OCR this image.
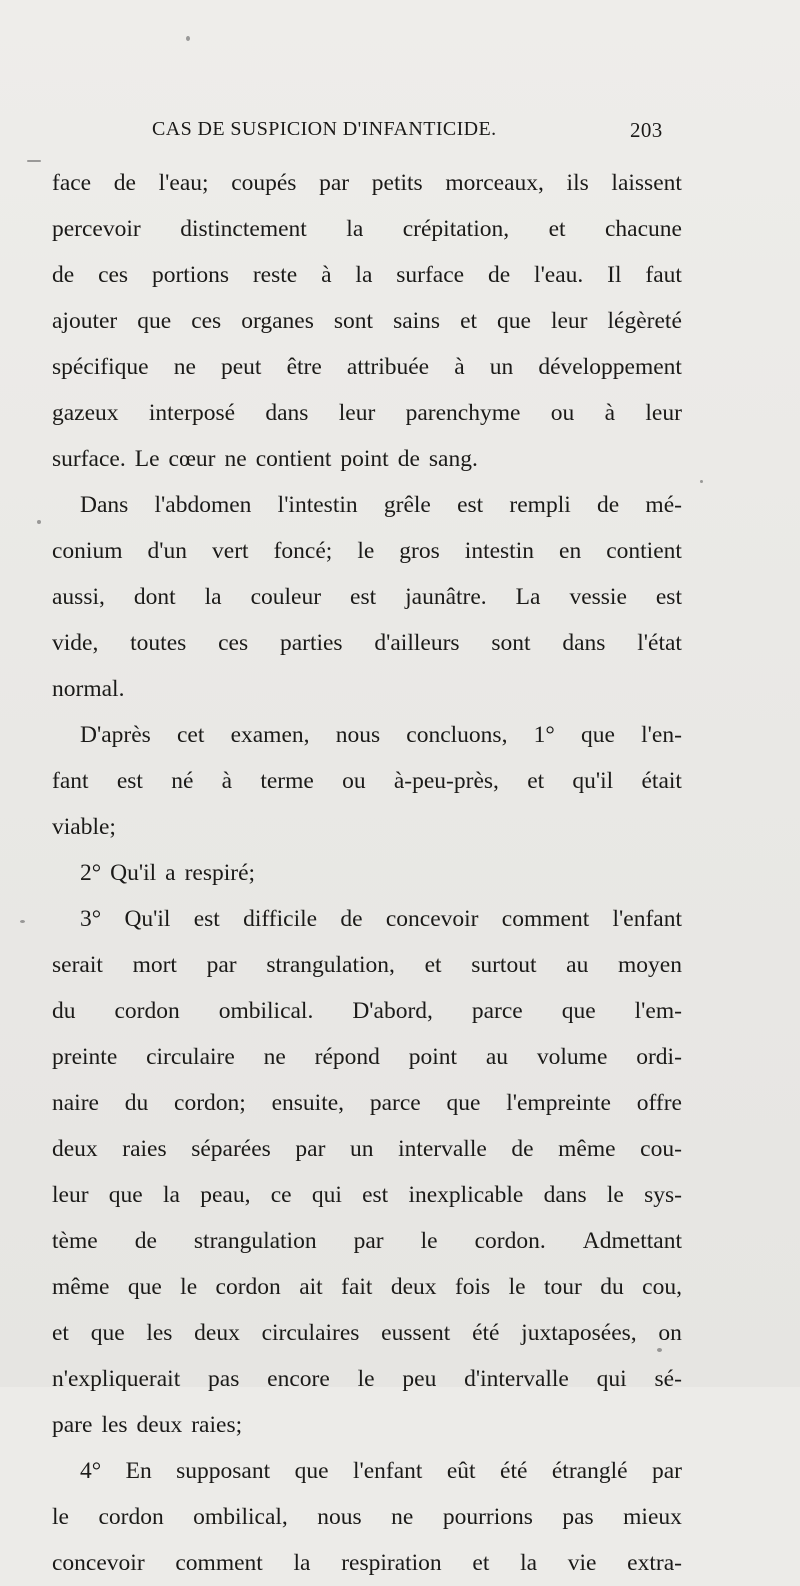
CAS DE SUSPICION D'INFANTICIDE.	203
face de l'eau; coupés par petits morceaux, ils laissent
percevoir distinctement la crépitation, et chacune
de ces portions reste à la surface de l'eau. Il faut
ajouter que ces organes sont sains et que leur légèreté
spécifique ne peut être attribuée à un développement
gazeux interposé dans leur parenchyme ou à leur
surface. Le cœur ne contient point de sang.
Dans l'abdomen l'intestin grêle est rempli de mé-
conium d'un vert foncé; le gros intestin en contient
aussi, dont la couleur est jaunâtre. La vessie est
vide, toutes ces parties d'ailleurs sont dans l'état
normal.
D'après cet examen, nous concluons, 1° que l'en-
fant est né à terme ou à-peu-près, et qu'il était
viable;
2° Qu'il a respiré;
3° Qu'il est difficile de concevoir comment l'enfant
serait mort par strangulation, et surtout au moyen
du cordon ombilical. D'abord, parce que l'em-
preinte circulaire ne répond point au volume ordi-
naire du cordon; ensuite, parce que l'empreinte offre
deux raies séparées par un intervalle de même cou-
leur que la peau, ce qui est inexplicable dans le sys-
tème de strangulation par le cordon. Admettant
même que le cordon ait fait deux fois le tour du cou,
et que les deux circulaires eussent été juxtaposées, on
n'expliquerait pas encore le peu d'intervalle qui sé-
pare les deux raies;
4° En supposant que l'enfant eût été étranglé par
le cordon ombilical, nous ne pourrions pas mieux
concevoir comment la respiration et la vie extra-
